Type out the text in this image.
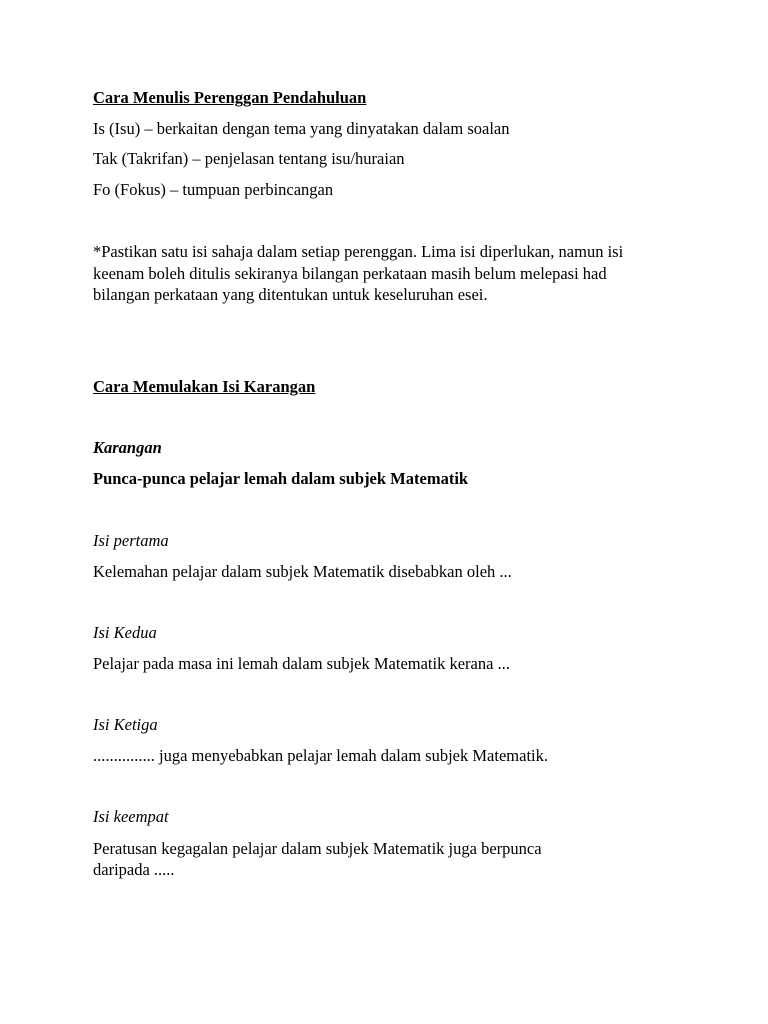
Cara Menulis Perenggan Pendahuluan
Is (Isu) – berkaitan dengan tema yang dinyatakan dalam soalan
Tak (Takrifan) – penjelasan tentang isu/huraian
Fo (Fokus) – tumpuan perbincangan
*Pastikan satu isi sahaja dalam setiap perenggan. Lima isi diperlukan, namun isi
keenam boleh ditulis sekiranya bilangan perkataan masih belum melepasi had
bilangan perkataan yang ditentukan untuk keseluruhan esei.
Cara Memulakan Isi Karangan
Karangan
Punca-punca pelajar lemah dalam subjek Matematik
Isi pertama
Kelemahan pelajar dalam subjek Matematik disebabkan oleh ...
Isi Kedua
Pelajar pada masa ini lemah dalam subjek Matematik kerana ...
Isi Ketiga
............... juga menyebabkan pelajar lemah dalam subjek Matematik.
Isi keempat
Peratusan kegagalan pelajar dalam subjek Matematik juga berpunca
daripada .....
